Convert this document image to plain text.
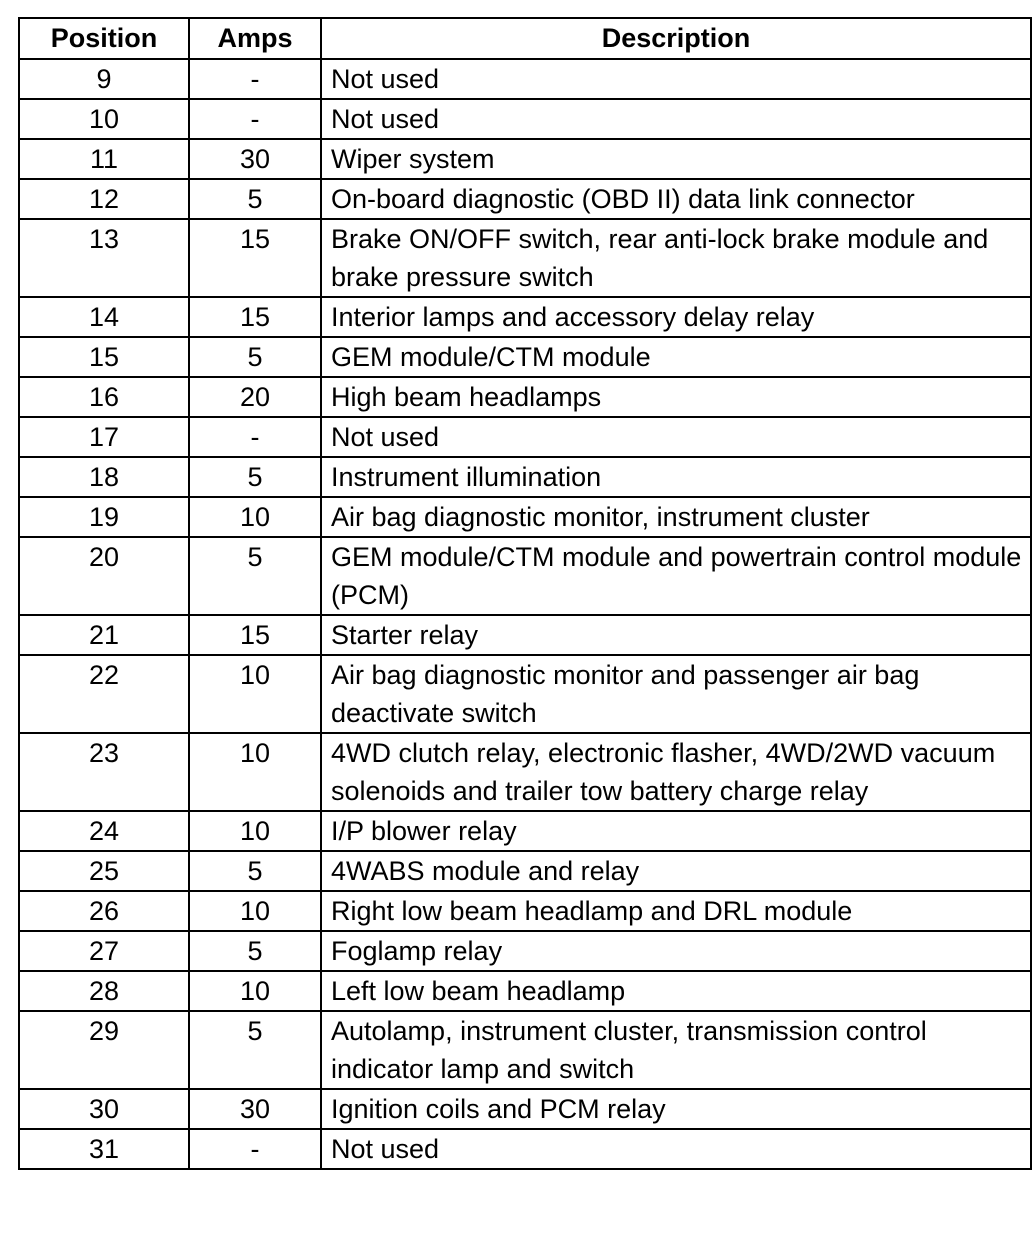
Position	Amps	Description
9	-	Not used
10	-	Not used
11	30	Wiper system
12	5	On-board diagnostic (OBD II) data link connector
13	15	Brake ON/OFF switch, rear anti-lock brake module and brake pressure switch
14	15	Interior lamps and accessory delay relay
15	5	GEM module/CTM module
16	20	High beam headlamps
17	-	Not used
18	5	Instrument illumination
19	10	Air bag diagnostic monitor, instrument cluster
20	5	GEM module/CTM module and powertrain control module (PCM)
21	15	Starter relay
22	10	Air bag diagnostic monitor and passenger air bag deactivate switch
23	10	4WD clutch relay, electronic flasher, 4WD/2WD vacuum solenoids and trailer tow battery charge relay
24	10	I/P blower relay
25	5	4WABS module and relay
26	10	Right low beam headlamp and DRL module
27	5	Foglamp relay
28	10	Left low beam headlamp
29	5	Autolamp, instrument cluster, transmission control indicator lamp and switch
30	30	Ignition coils and PCM relay
31	-	Not used
